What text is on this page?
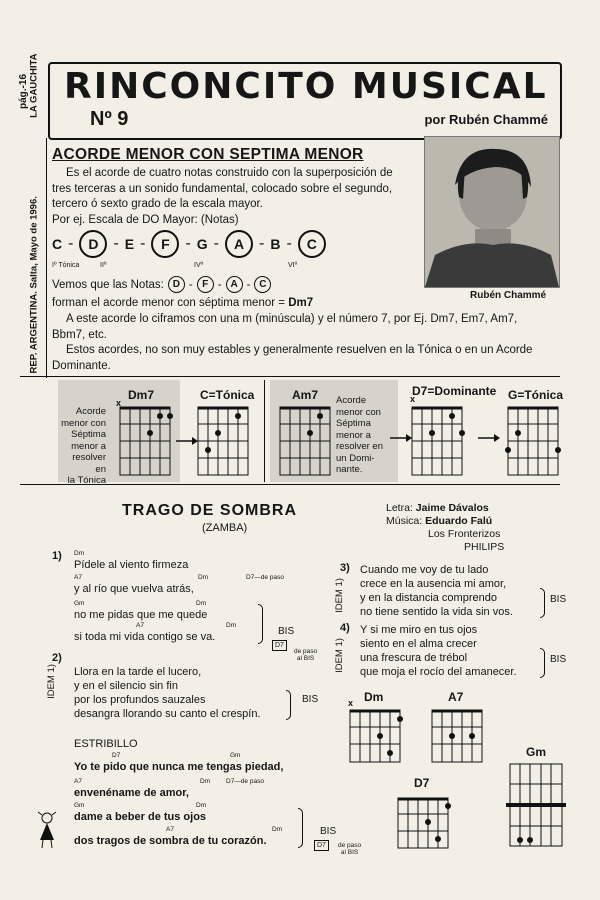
pág.-16
REP. ARGENTINA. Salta, Mayo de 1996.
LA GAUCHITA RINCONCITO MUSICAL
Nº 9	por Rubén Chammé
Rubén Chammé
ACORDE MENOR CON SEPTIMA MENOR
Es el acorde de cuatro notas construido con la superposición de
tres terceras a un sonido fundamental, colocado sobre el segundo,
tercero ó sexto grado de la escala mayor.
Por ej. Escala de DO Mayor: (Notas)
C -	D - E -	F - G -	A - B -	C
Iº Tónica	IIº	IVº	VIº
Vemos que las Notas: D - F - A - C
forman el acorde menor con séptima menor = Dm7
A este acorde lo ciframos con una m (minúscula) y el número 7, por Ej. Dm7, Em7, Am7,
Bbm7, etc.
Estos acordes, no son muy estables y generalmente resuelven en la Tónica o en un Acorde
Dominante.
Acorde
menor con
Séptima
menor a
resolver en
la Tónica
Dm7	C=Tónica	Am7	D7=Dominante G=Tónica
Acorde
menor con
Séptima
menor a
resolver en
un Domi-
nante.
x	x
TRAGO DE SOMBRA
(ZAMBA)
Letra: Jaime Dávalos
Música: Eduardo Falú
Los Fronterizos
PHILIPS
1) Dm
Pídele al viento firmeza
A7	Dm	D7—de paso
y al río que vuelva atrás,
Gm	Dm
no me pidas que me quede
A7	Dm
si toda mi vida contigo se va.	BIS
D7
de paso
al BIS
2)
IDEM 1) Llora en la tarde el lucero,
y en el silencio sin fin
por los profundos sauzales
desangra llorando su canto el crespín.
BIS
ESTRIBILLO
D7	Gm
Yo te pido que nunca me tengas piedad,
A7	Dm D7—de paso
envenéname de amor,
Gm	Dm
dame a beber de tus ojos
A7	Dm
dos tragos de sombra de tu corazón.
BIS
D7	de paso
al BIS
3)
IDEM 1)
Cuando me voy de tu lado
crece en la ausencia mi amor,
y en la distancia comprendo
no tiene sentido la vida sin vos.
BIS
4)
IDEM 1)
Y si me miro en tus ojos
siento en el alma crecer
una frescura de trébol
que moja el rocío del amanecer.
BIS
Dm	A7
Gm
D7
x
